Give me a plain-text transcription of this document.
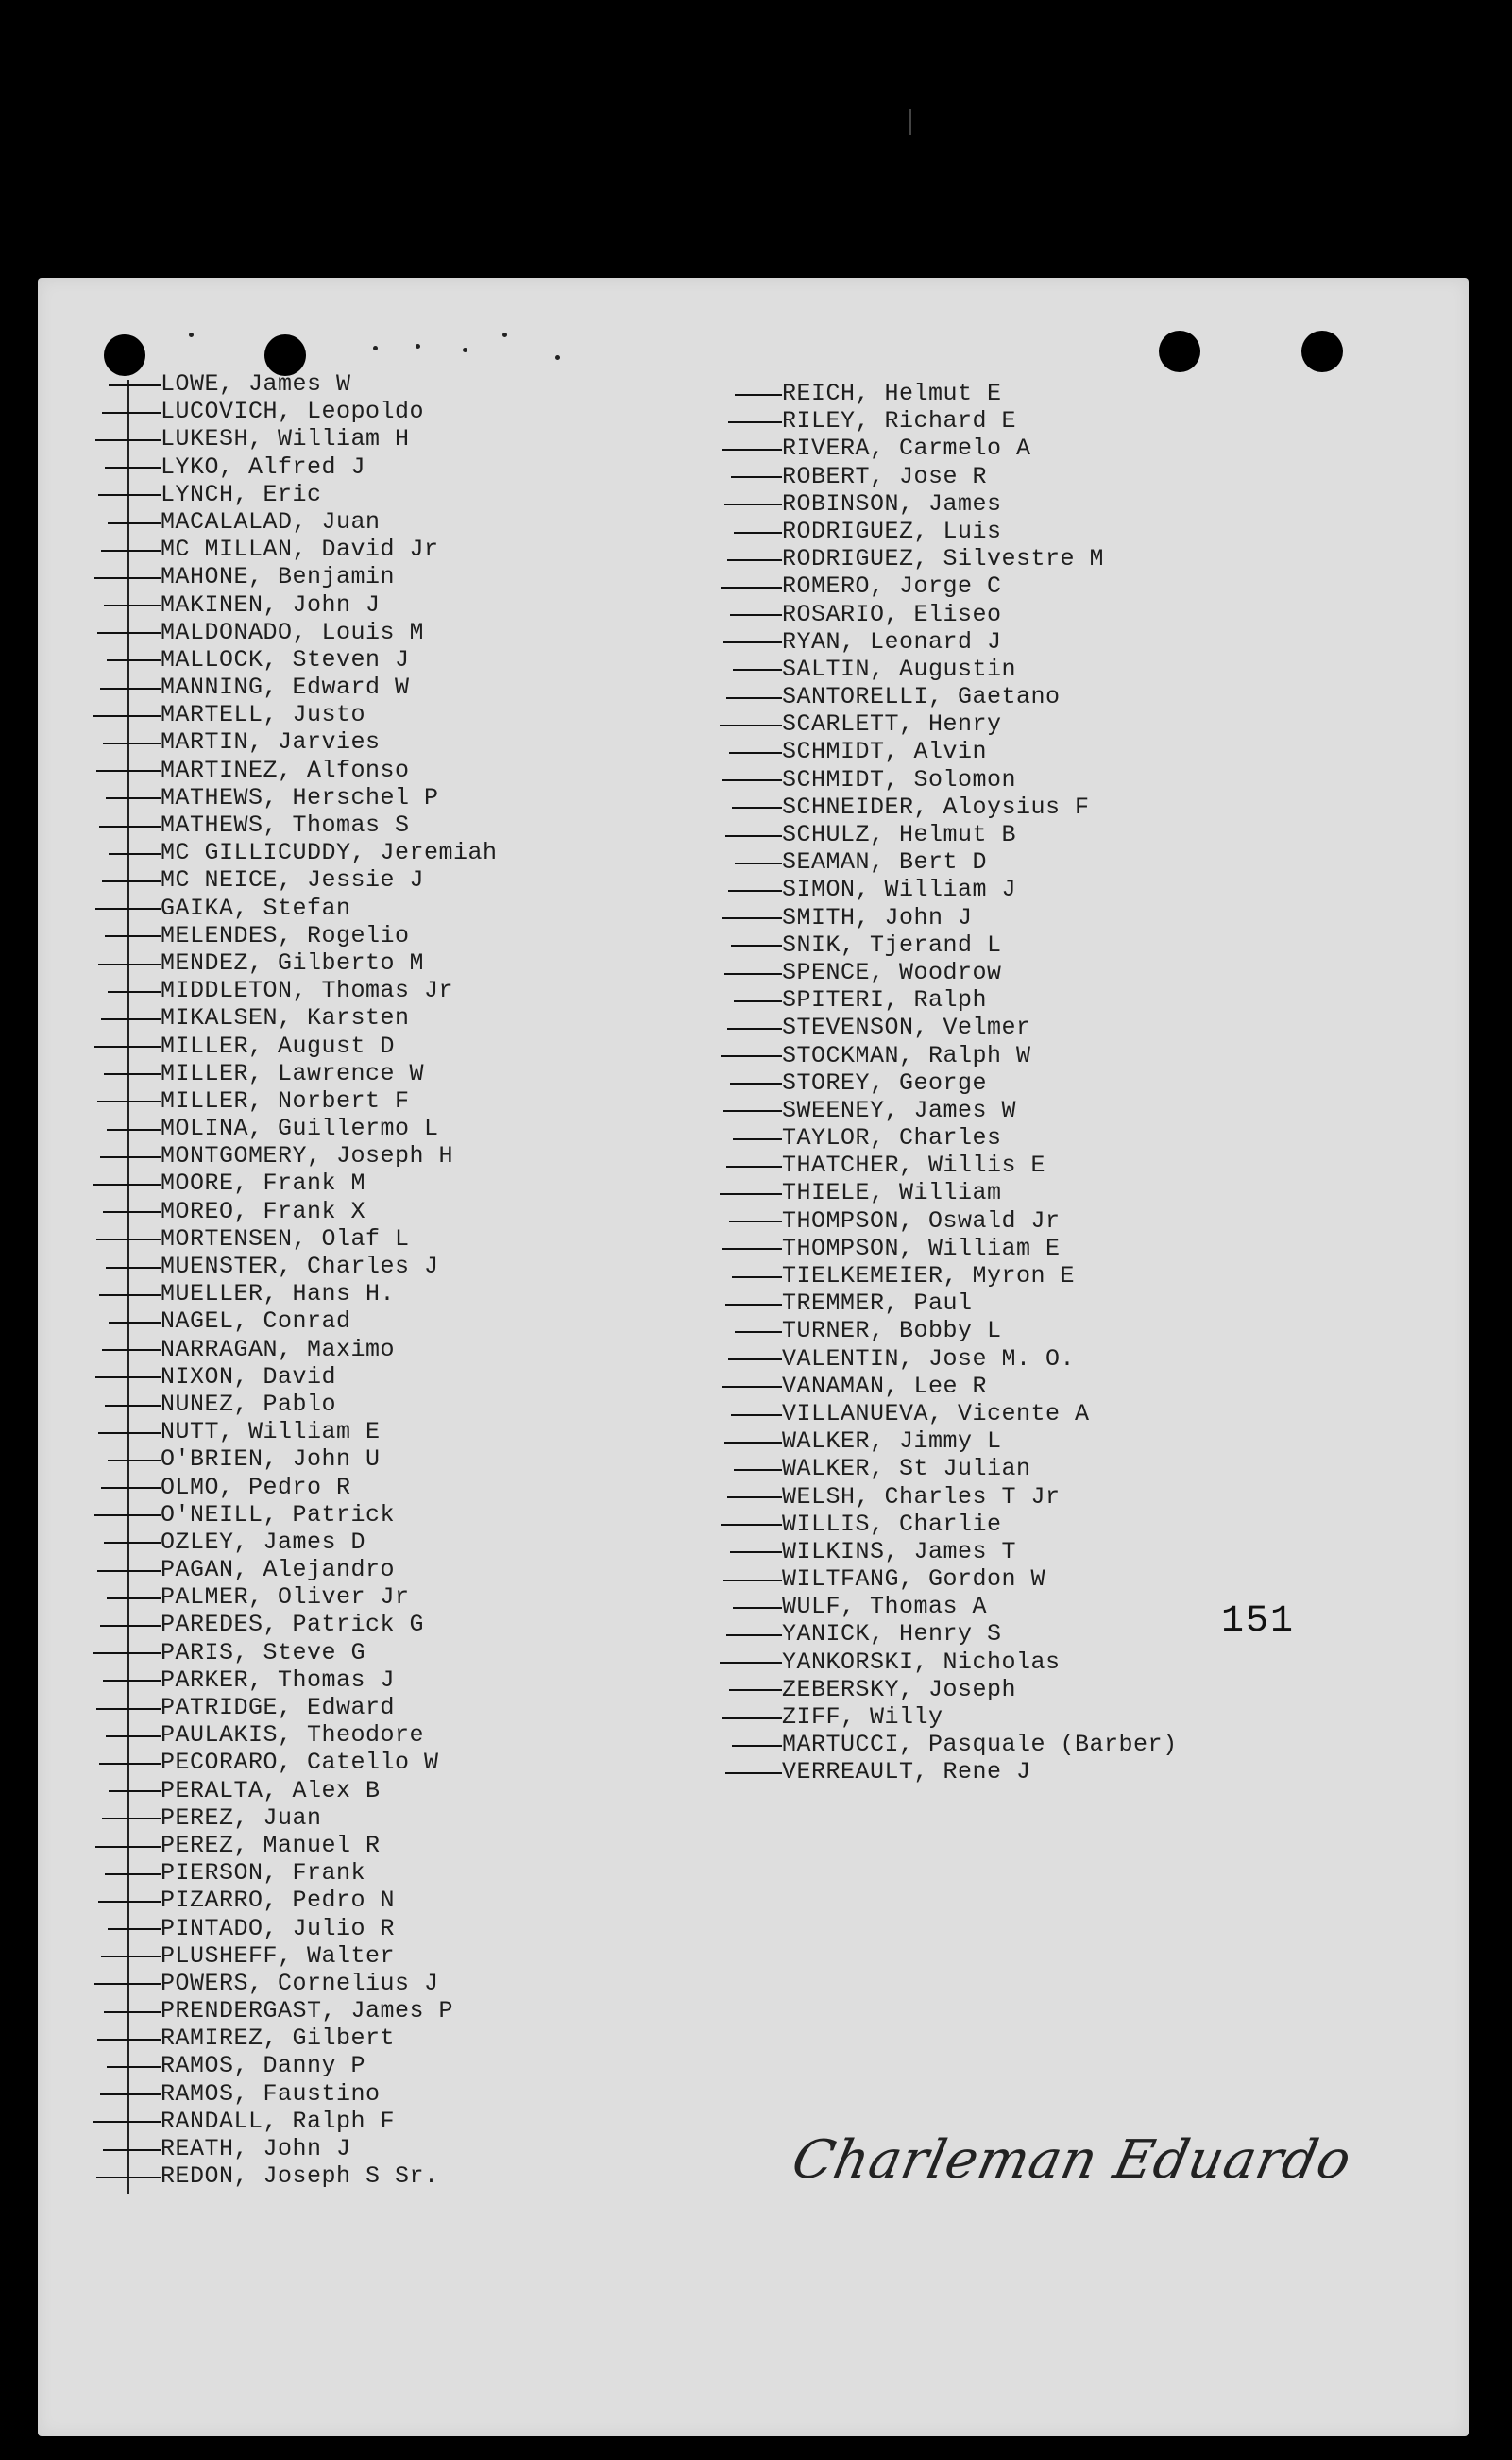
LOWE, James W
LUCOVICH, Leopoldo
LUKESH, William H
LYKO, Alfred J
LYNCH, Eric
MACALALAD, Juan
MC MILLAN, David Jr
MAHONE, Benjamin
MAKINEN, John J
MALDONADO, Louis M
MALLOCK, Steven J
MANNING, Edward W
MARTELL, Justo
MARTIN, Jarvies
MARTINEZ, Alfonso
MATHEWS, Herschel P
MATHEWS, Thomas S
MC GILLICUDDY, Jeremiah
MC NEICE, Jessie J
GAIKA, Stefan
MELENDES, Rogelio
MENDEZ, Gilberto M
MIDDLETON, Thomas Jr
MIKALSEN, Karsten
MILLER, August D
MILLER, Lawrence W
MILLER, Norbert F
MOLINA, Guillermo L
MONTGOMERY, Joseph H
MOORE, Frank M
MOREO, Frank X
MORTENSEN, Olaf L
MUENSTER, Charles J
MUELLER, Hans H.
NAGEL, Conrad
NARRAGAN, Maximo
NIXON, David
NUNEZ, Pablo
NUTT, William E
O'BRIEN, John U
OLMO, Pedro R
O'NEILL, Patrick
OZLEY, James D
PAGAN, Alejandro
PALMER, Oliver Jr
PAREDES, Patrick G
PARIS, Steve G
PARKER, Thomas J
PATRIDGE, Edward
PAULAKIS, Theodore
PECORARO, Catello W
PERALTA, Alex B
PEREZ, Juan
PEREZ, Manuel R
PIERSON, Frank
PIZARRO, Pedro N
PINTADO, Julio R
PLUSHEFF, Walter
POWERS, Cornelius J
PRENDERGAST, James P
RAMIREZ, Gilbert
RAMOS, Danny P
RAMOS, Faustino
RANDALL, Ralph F
REATH, John J
REDON, Joseph S Sr.
REICH, Helmut E
RILEY, Richard E
RIVERA, Carmelo A
ROBERT, Jose R
ROBINSON, James
RODRIGUEZ, Luis
RODRIGUEZ, Silvestre M
ROMERO, Jorge C
ROSARIO, Eliseo
RYAN, Leonard J
SALTIN, Augustin
SANTORELLI, Gaetano
SCARLETT, Henry
SCHMIDT, Alvin
SCHMIDT, Solomon
SCHNEIDER, Aloysius F
SCHULZ, Helmut B
SEAMAN, Bert D
SIMON, William J
SMITH, John J
SNIK, Tjerand L
SPENCE, Woodrow
SPITERI, Ralph
STEVENSON, Velmer
STOCKMAN, Ralph W
STOREY, George
SWEENEY, James W
TAYLOR, Charles
THATCHER, Willis E
THIELE, William
THOMPSON, Oswald Jr
THOMPSON, William E
TIELKEMEIER, Myron E
TREMMER, Paul
TURNER, Bobby L
VALENTIN, Jose M. O.
VANAMAN, Lee R
VILLANUEVA, Vicente A
WALKER, Jimmy L
WALKER, St Julian
WELSH, Charles T Jr
WILLIS, Charlie
WILKINS, James T
WILTFANG, Gordon W
WULF, Thomas A
YANICK, Henry S
YANKORSKI, Nicholas
ZEBERSKY, Joseph
ZIFF, Willy
MARTUCCI, Pasquale (Barber)
VERREAULT, Rene J
151
Charleman Eduardo
